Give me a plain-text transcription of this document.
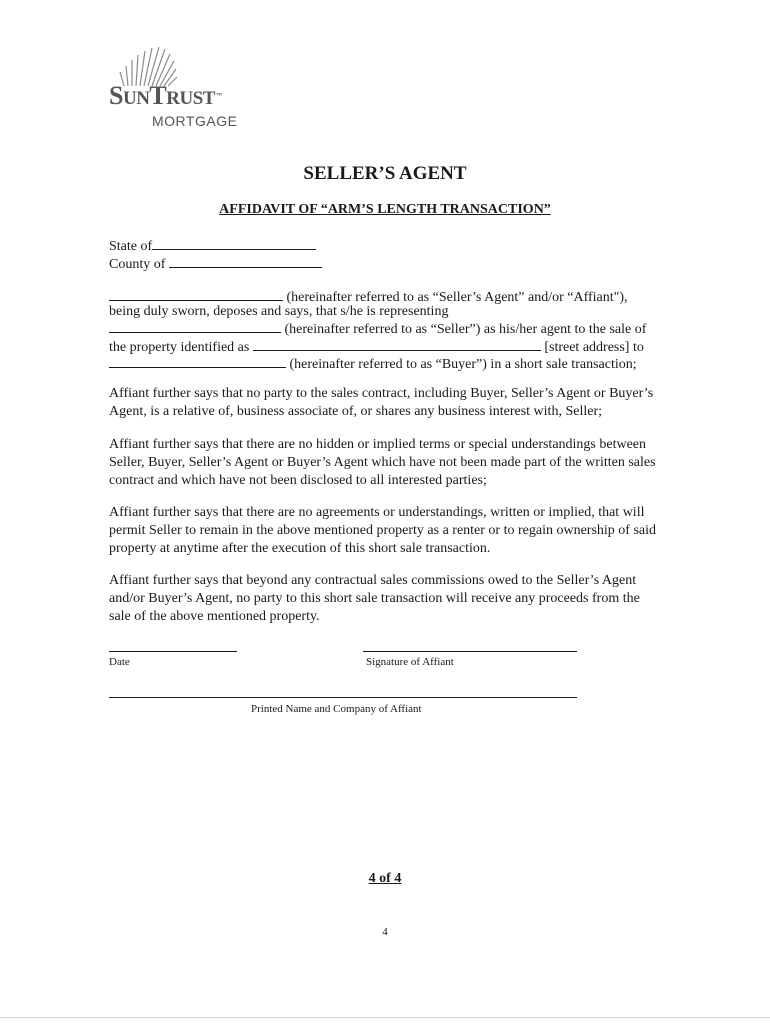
SUNTRUST™

MORTGAGE

SELLER’S AGENT

AFFIDAVIT OF “ARM’S LENGTH TRANSACTION”

State of
County of
(hereinafter referred to as “Seller’s Agent” and/or “Affiant"),
being duly sworn, deposes and says, that s/he is representing
(hereinafter referred to as “Seller”) as his/her agent to the sale of
the property identified as	[street address] to
(hereinafter referred to as “Buyer”) in a short sale transaction;

Affiant further says that no party to the sales contract, including Buyer, Seller’s Agent or Buyer’s Agent, is a relative of, business associate of, or shares any business interest with, Seller;

Affiant further says that there are no hidden or implied terms or special understandings between Seller, Buyer, Seller’s Agent or Buyer’s Agent which have not been made part of the written sales contract and which have not been disclosed to all interested parties;

Affiant further says that there are no agreements or understandings, written or implied, that will permit Seller to remain in the above mentioned property as a renter or to regain ownership of said property at anytime after the execution of this short sale transaction.

Affiant further says that beyond any contractual sales commissions owed to the Seller’s Agent and/or Buyer’s Agent, no party to this short sale transaction will receive any proceeds from the sale of the above mentioned property.

Date	Signature of Affiant
Printed Name and Company of Affiant

4 of 4

4
